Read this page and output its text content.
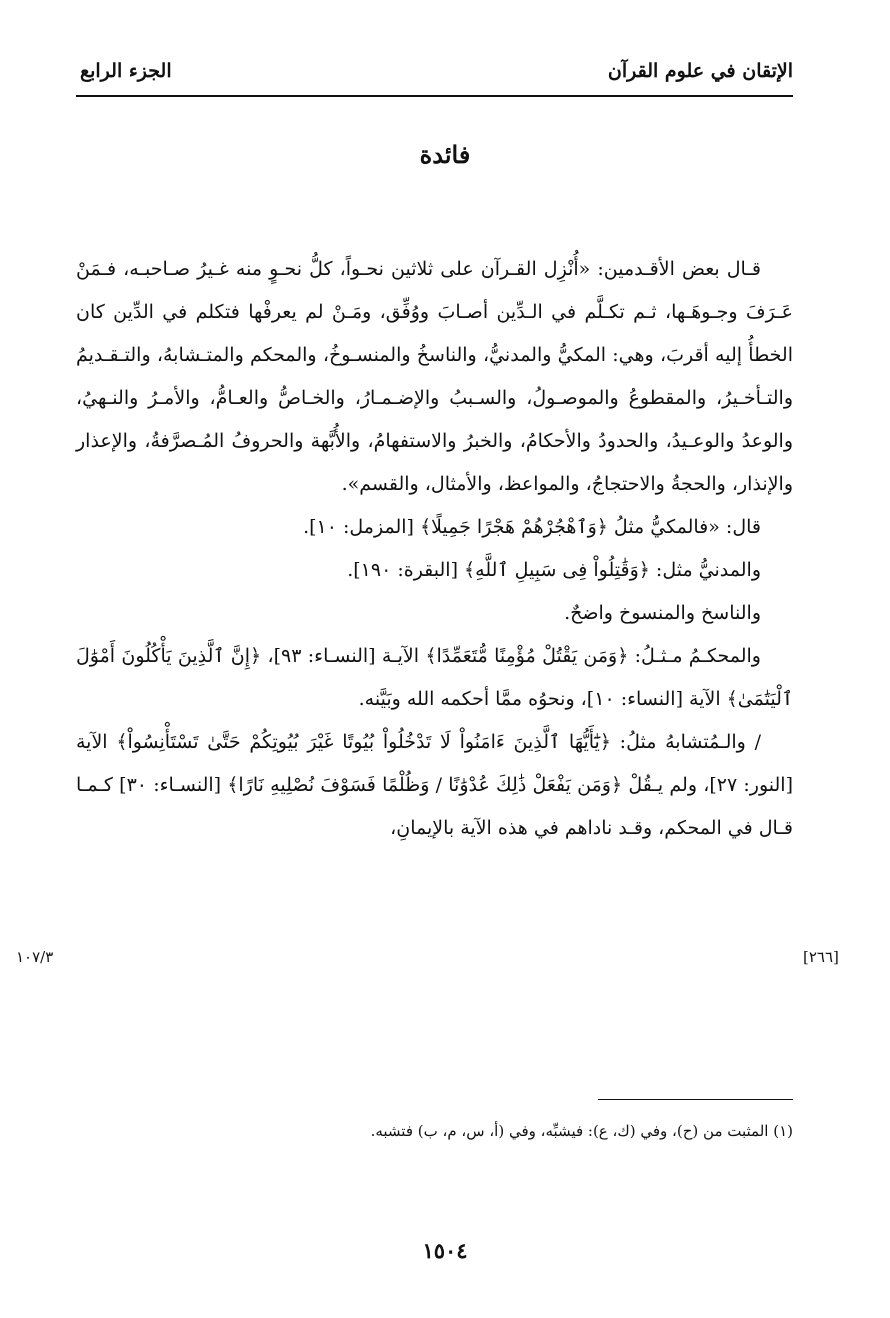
الإتقان في علوم القرآن
الجزء الرابع
فائدة

قـال بعض الأقـدمين: «أُنْزِل القـرآن على ثلاثين نحـواً، كلُّ نحـوٍ منه غـيرُ صـاحبـه، فـمَنْ عَـرَفَ وجـوهَـها، ثـم تكـلَّم في الـدِّين أصـابَ ووُفِّق، ومَـنْ لم يعرفْها فتكلم في الدِّين كان الخطأُ إليه أقربَ، وهي: المكيُّ والمدنيُّ، والناسخُ والمنسـوخُ، والمحكم والمتـشابهُ، والتـقـديمُ والتـأخـيرُ، والمقطوعُ والموصـولُ، والسـببُ والإضـمـارُ، والخـاصُّ والعـامُّ، والأمـرُ والنـهيُ، والوعدُ والوعـيدُ، والحدودُ والأحكامُ، والخبرُ والاستفهامُ، والأُبَّهة والحروفُ المُـصرَّفةُ، والإعذار والإنذار، والحجةُ والاحتجاجُ، والمواعظ، والأمثال، والقسم».

قال: «فالمكيُّ مثلُ ﴿وَٱهْجُرْهُمْ هَجْرًا جَمِيلًا﴾ [المزمل: ١٠].

والمدنيُّ مثل: ﴿وَقَٰتِلُواْ فِى سَبِيلِ ٱللَّهِ﴾ [البقرة: ١٩٠].

والناسخ والمنسوخ واضحٌ.

والمحكـمُ مـثـلُ: ﴿وَمَن يَقْتُلْ مُؤْمِنًا مُّتَعَمِّدًا﴾ الآيـة [النسـاء: ٩٣]، ﴿إِنَّ ٱلَّذِينَ يَأْكُلُونَ أَمْوَٰلَ ٱلْيَتَٰمَىٰ﴾ الآية [النساء: ١٠]، ونحوُه ممَّا أحكمه الله وبَيَّنه.

/ والـمُتشابهُ مثلُ: ﴿يَٰٓأَيُّهَا ٱلَّذِينَ ءَامَنُواْ لَا تَدْخُلُواْ بُيُوتًا غَيْرَ بُيُوتِكُمْ حَتَّىٰ تَسْتَأْنِسُواْ﴾ الآية [النور: ٢٧]، ولم يـقُلْ ﴿وَمَن يَفْعَلْ ذَٰلِكَ عُدْوَٰنًا / وَظُلْمًا فَسَوْفَ نُصْلِيهِ نَارًا﴾ [النسـاء: ٣٠] كـمـا قـال في المحكم، وقـد ناداهم في هذه الآية بالإيمانِ،

١٠٧/٣	[٢٦٦]
(١) المثبت من (ح)، وفي (ك، ع): فيشبِّه، وفي (أ، س، م، ب) فتشبه.
١٥٠٤
